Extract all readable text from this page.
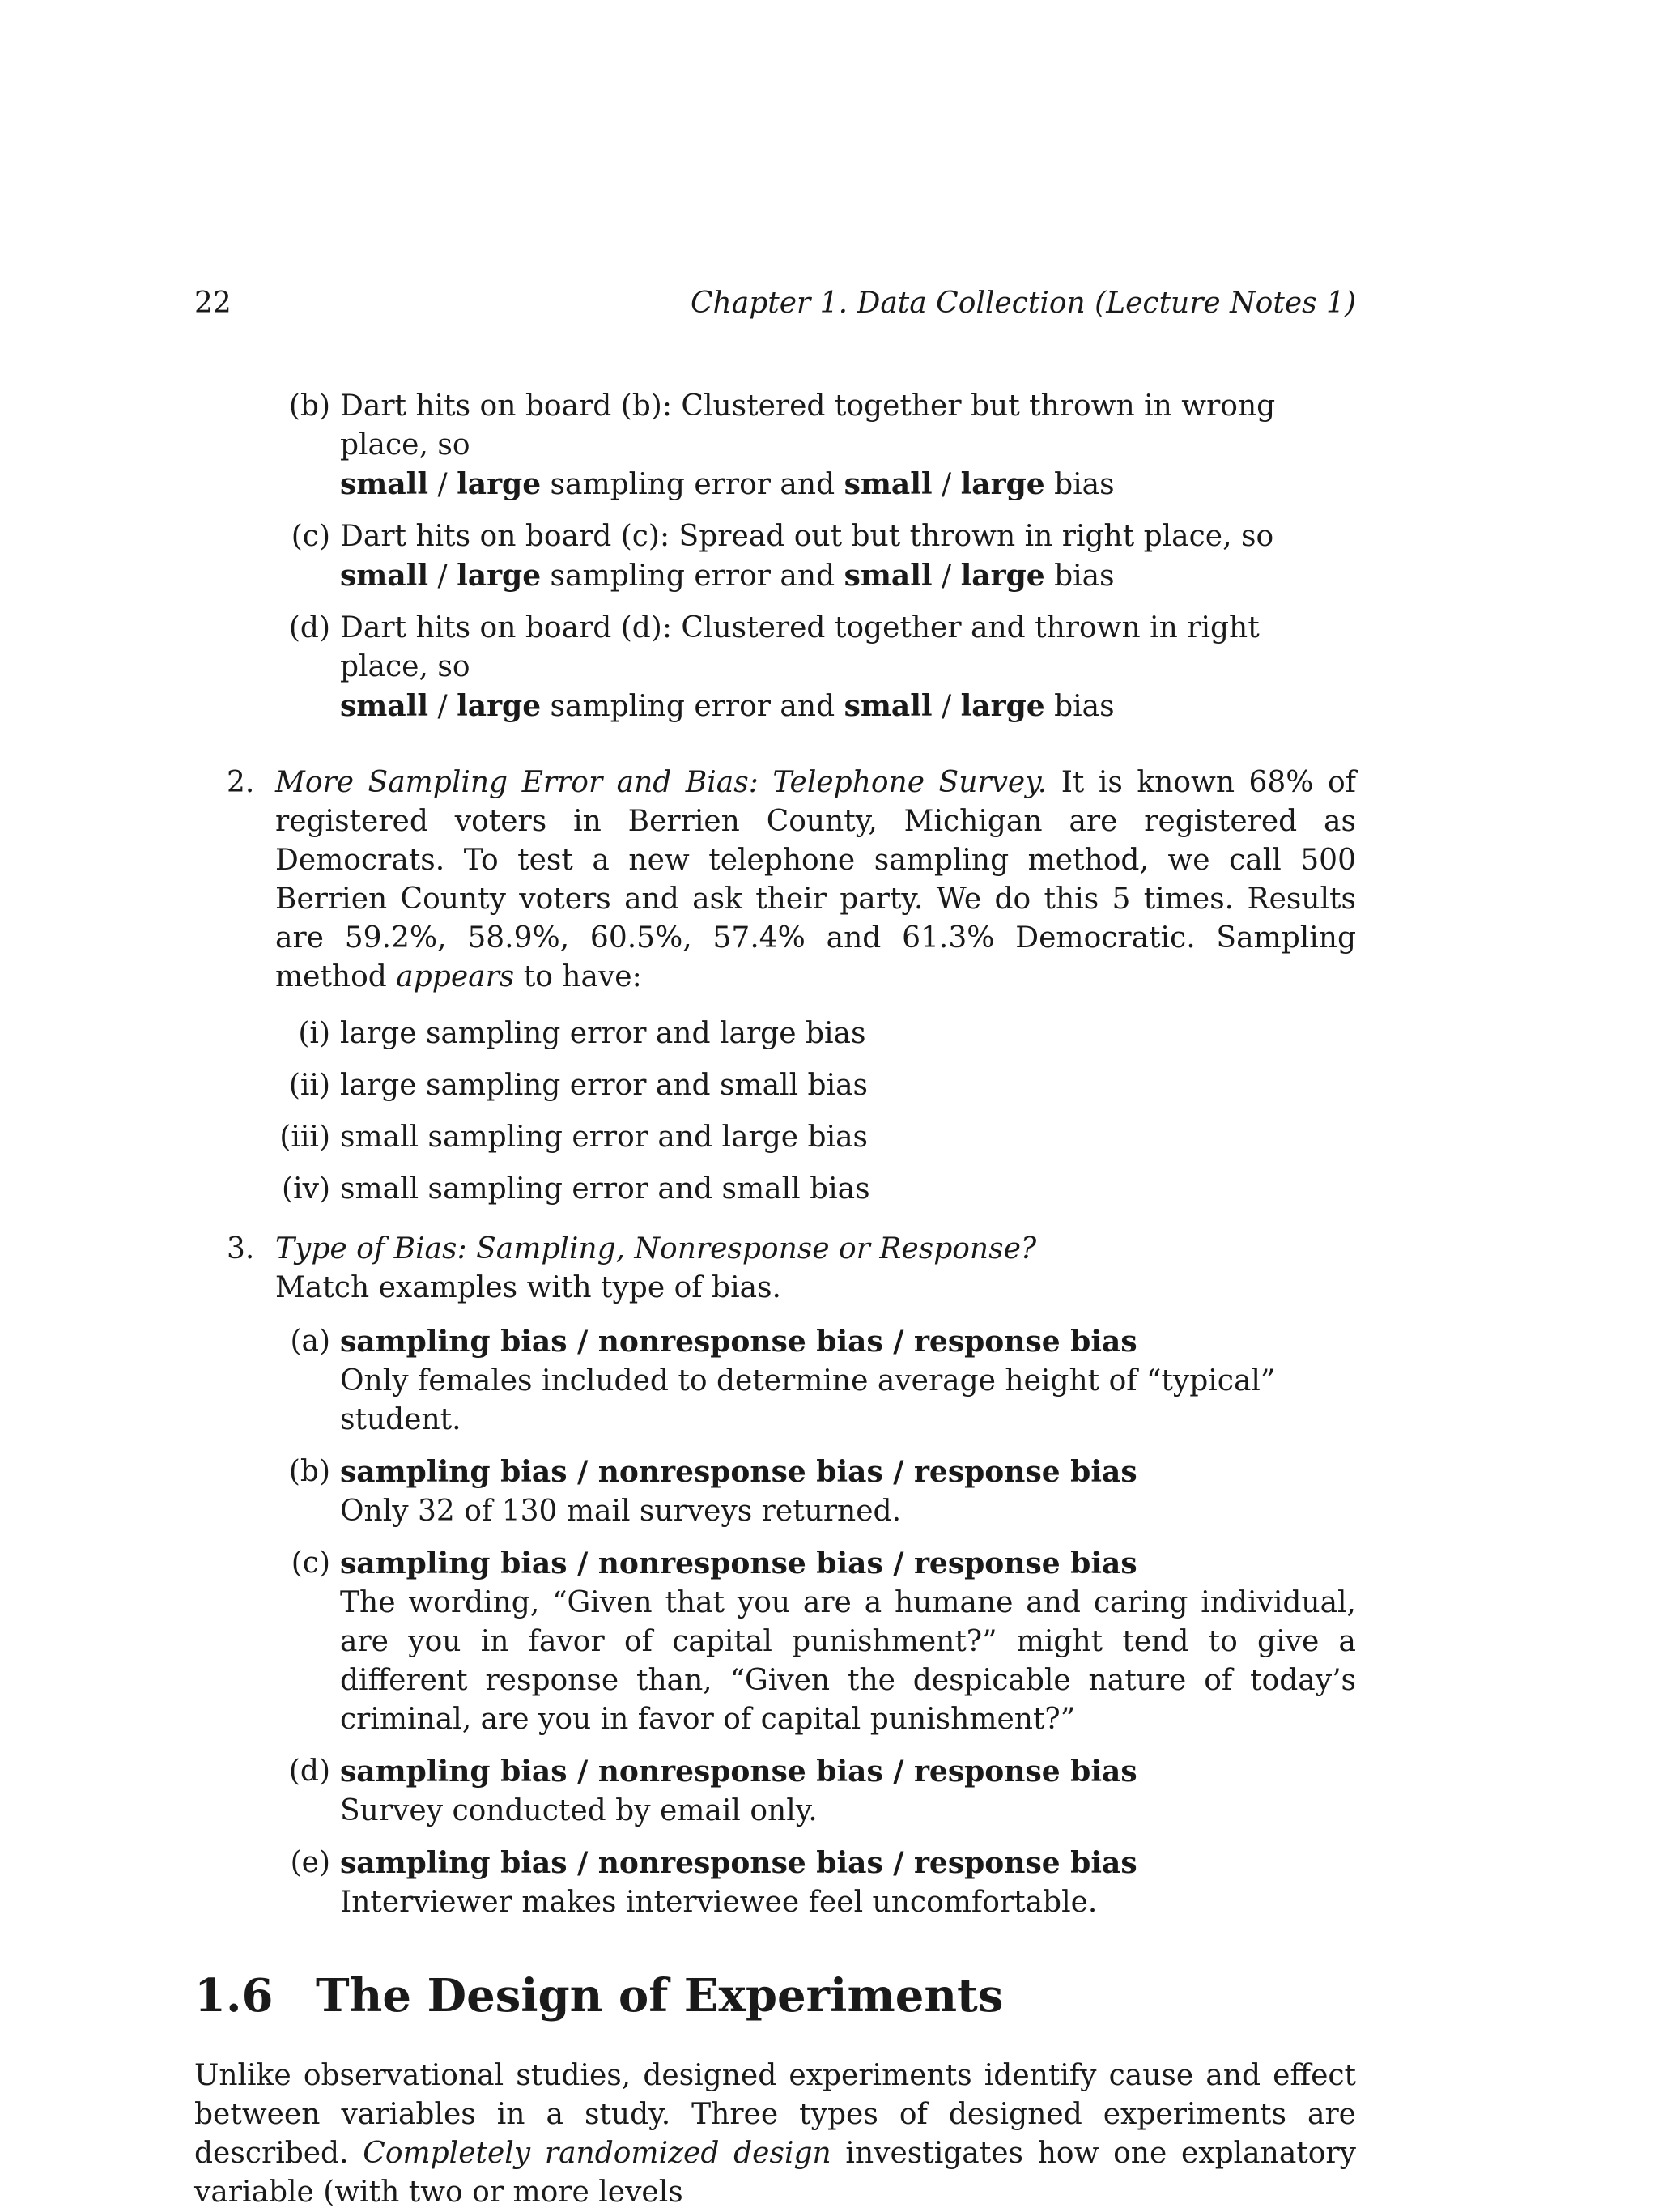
22	Chapter 1. Data Collection (Lecture Notes 1)
(b) Dart hits on board (b): Clustered together but thrown in wrong place, so
small / large sampling error and small / large bias
(c) Dart hits on board (c): Spread out but thrown in right place, so
small / large sampling error and small / large bias
(d) Dart hits on board (d): Clustered together and thrown in right place, so
small / large sampling error and small / large bias
2. More Sampling Error and Bias: Telephone Survey. It is known 68% of registered voters in Berrien County, Michigan are registered as Democrats. To test a new telephone sampling method, we call 500 Berrien County voters and ask their party. We do this 5 times. Results are 59.2%, 58.9%, 60.5%, 57.4% and 61.3% Democratic. Sampling method appears to have:
(i) large sampling error and large bias
(ii) large sampling error and small bias
(iii) small sampling error and large bias
(iv) small sampling error and small bias
3. Type of Bias: Sampling, Nonresponse or Response?
Match examples with type of bias.
(a) sampling bias / nonresponse bias / response bias
Only females included to determine average height of “typical” student.
(b) sampling bias / nonresponse bias / response bias
Only 32 of 130 mail surveys returned.
(c) sampling bias / nonresponse bias / response bias
The wording, “Given that you are a humane and caring individual, are you in favor of capital punishment?” might tend to give a different response than, “Given the despicable nature of today’s criminal, are you in favor of capital punishment?”
(d) sampling bias / nonresponse bias / response bias
Survey conducted by email only.
(e) sampling bias / nonresponse bias / response bias
Interviewer makes interviewee feel uncomfortable.
1.6 The Design of Experiments
Unlike observational studies, designed experiments identify cause and effect between variables in a study. Three types of designed experiments are described. Completely randomized design investigates how one explanatory variable (with two or more levels
